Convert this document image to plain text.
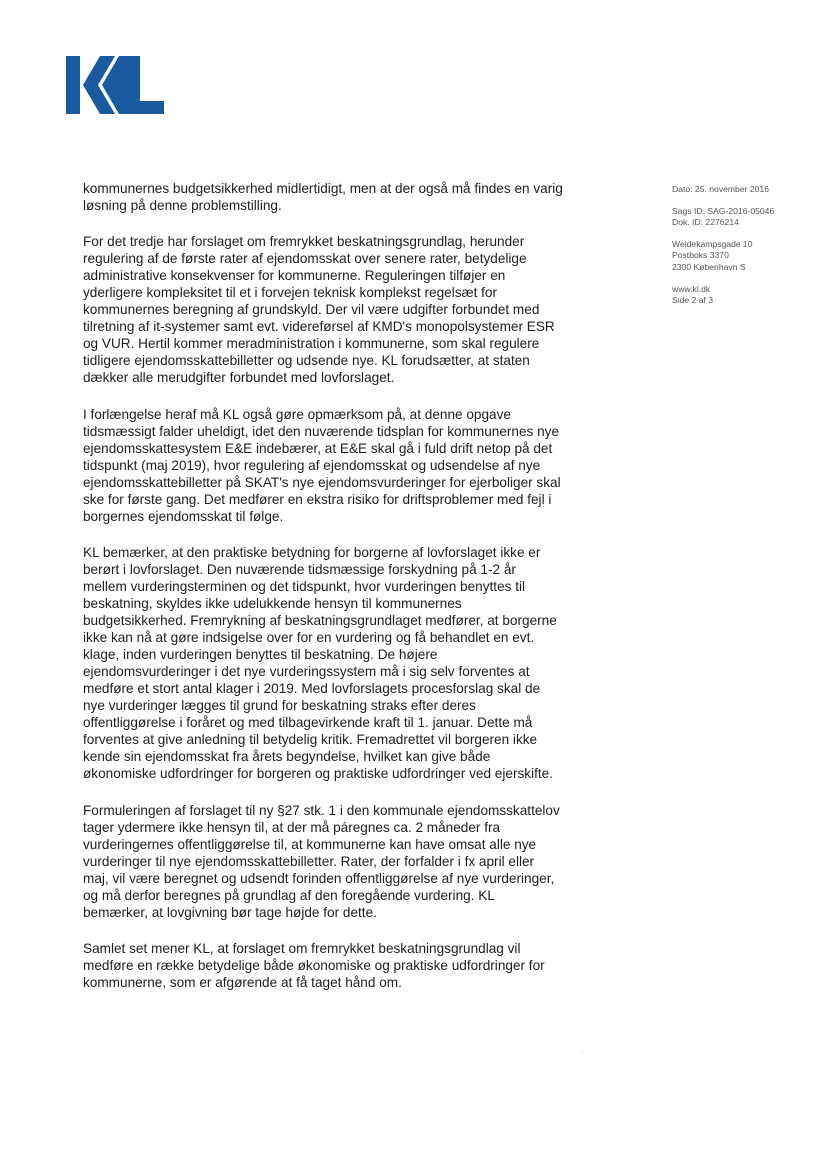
kommunernes budgetsikkerhed midlertidigt, men at der også må findes en varig løsning på denne problemstilling.

For det tredje har forslaget om fremrykket beskatningsgrundlag, herunder regulering af de første rater af ejendomsskat over senere rater, betydelige administrative konsekvenser for kommunerne. Reguleringen tilføjer en yderligere kompleksitet til et i forvejen teknisk komplekst regelsæt for kommunernes beregning af grundskyld. Der vil være udgifter forbundet med tilretning af it-systemer samt evt. videreførsel af KMD's monopolsystemer ESR og VUR. Hertil kommer meradministration i kommunerne, som skal regulere tidligere ejendomsskattebilletter og udsende nye. KL forudsætter, at staten dækker alle merudgifter forbundet med lovforslaget.

I forlængelse heraf må KL også gøre opmærksom på, at denne opgave tidsmæssigt falder uheldigt, idet den nuværende tidsplan for kommunernes nye ejendomsskattesystem E&E indebærer, at E&E skal gå i fuld drift netop på det tidspunkt (maj 2019), hvor regulering af ejendomsskat og udsendelse af nye ejendomsskattebilletter på SKAT's nye ejendomsvurderinger for ejerboliger skal ske for første gang. Det medfører en ekstra risiko for driftsproblemer med fejl i borgernes ejendomsskat til følge.

KL bemærker, at den praktiske betydning for borgerne af lovforslaget ikke er berørt i lovforslaget. Den nuværende tidsmæssige forskydning på 1-2 år mellem vurderingsterminen og det tidspunkt, hvor vurderingen benyttes til beskatning, skyldes ikke udelukkende hensyn til kommunernes budgetsikkerhed. Fremrykning af beskatningsgrundlaget medfører, at borgerne ikke kan nå at gøre indsigelse over for en vurdering og få behandlet en evt. klage, inden vurderingen benyttes til beskatning. De højere ejendomsvurderinger i det nye vurderingssystem må i sig selv forventes at medføre et stort antal klager i 2019. Med lovforslagets procesforslag skal de nye vurderinger lægges til grund for beskatning straks efter deres offentliggørelse i foråret og med tilbagevirkende kraft til 1. januar. Dette må forventes at give anledning til betydelig kritik. Fremadrettet vil borgeren ikke kende sin ejendomsskat fra årets begyndelse, hvilket kan give både økonomiske udfordringer for borgeren og praktiske udfordringer ved ejerskifte.

Formuleringen af forslaget til ny §27 stk. 1 i den kommunale ejendomsskattelov tager ydermere ikke hensyn til, at der må páregnes ca. 2 måneder fra vurderingernes offentliggørelse til, at kommunerne kan have omsat alle nye vurderinger til nye ejendomsskattebilletter. Rater, der forfalder i fx april eller maj, vil være beregnet og udsendt forinden offentliggørelse af nye vurderinger, og må derfor beregnes på grundlag af den foregående vurdering. KL bemærker, at lovgivning bør tage højde for dette.

Samlet set mener KL, at forslaget om fremrykket beskatningsgrundlag vil medføre en række betydelige både økonomiske og praktiske udfordringer for kommunerne, som er afgørende at få taget hånd om.

Dato: 25. november 2016
Sags ID: SAG-2016-05046
Dok. ID: 2276214
Weidekampsgade 10
Postboks 3370
2300 København S
www.kl.dk
Side 2 af 3
